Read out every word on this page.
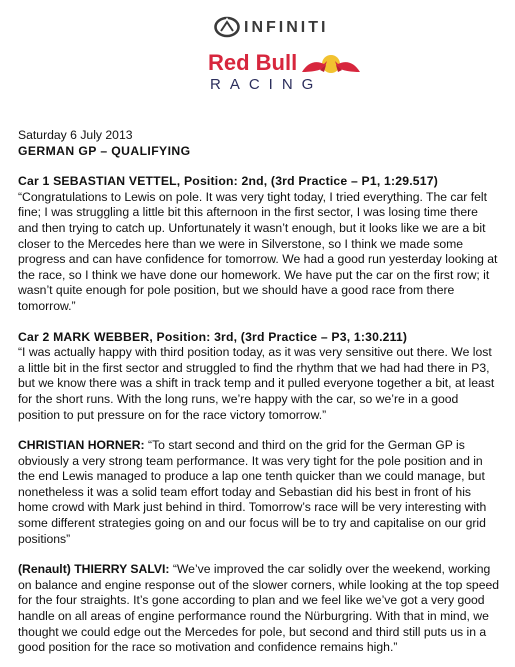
INFINITI
Red Bull
RACING

Saturday 6 July 2013

GERMAN GP – QUALIFYING

Car 1 SEBASTIAN VETTEL, Position: 2nd, (3rd Practice – P1, 1:29.517)

“Congratulations to Lewis on pole. It was very tight today, I tried everything. The car felt fine; I was struggling a little bit this afternoon in the first sector, I was losing time there and then trying to catch up. Unfortunately it wasn’t enough, but it looks like we are a bit closer to the Mercedes here than we were in Silverstone, so I think we made some progress and can have confidence for tomorrow. We had a good run yesterday looking at the race, so I think we have done our homework. We have put the car on the first row; it wasn’t quite enough for pole position, but we should have a good race from there tomorrow.”

Car 2 MARK WEBBER, Position: 3rd, (3rd Practice – P3, 1:30.211)

“I was actually happy with third position today, as it was very sensitive out there. We lost a little bit in the first sector and struggled to find the rhythm that we had had there in P3, but we know there was a shift in track temp and it pulled everyone together a bit, at least for the short runs. With the long runs, we’re happy with the car, so we’re in a good position to put pressure on for the race victory tomorrow.”

CHRISTIAN HORNER: “To start second and third on the grid for the German GP is obviously a very strong team performance. It was very tight for the pole position and in the end Lewis managed to produce a lap one tenth quicker than we could manage, but nonetheless it was a solid team effort today and Sebastian did his best in front of his home crowd with Mark just behind in third. Tomorrow’s race will be very interesting with some different strategies going on and our focus will be to try and capitalise on our grid positions”

(Renault) THIERRY SALVI: “We’ve improved the car solidly over the weekend, working on balance and engine response out of the slower corners, while looking at the top speed for the four straights. It’s gone according to plan and we feel like we’ve got a very good handle on all areas of engine performance round the Nürburgring. With that in mind, we thought we could edge out the Mercedes for pole, but second and third still puts us in a good position for the race so motivation and confidence remains high.”
